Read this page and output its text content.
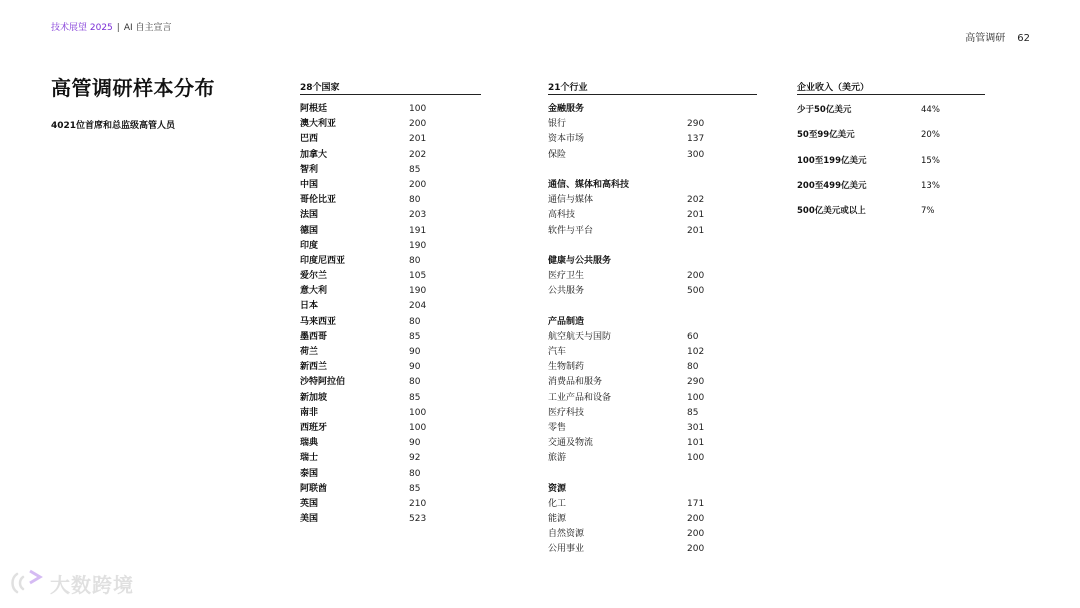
技术展望 2025 | AI 自主宣言
高管调研 62
高管调研样本分布
4021位首席和总监级高管人员
28个国家
阿根廷	100
澳大利亚	200
巴西	201
加拿大	202
智利	85
中国	200
哥伦比亚	80
法国	203
德国	191
印度	190
印度尼西亚	80
爱尔兰	105
意大利	190
日本	204
马来西亚	80
墨西哥	85
荷兰	90
新西兰	90
沙特阿拉伯	80
新加坡	85
南非	100
西班牙	100
瑞典	90
瑞士	92
泰国	80
阿联酋	85
英国	210
美国	523
21个行业
金融服务
银行	290
资本市场	137
保险	300
通信、媒体和高科技
通信与媒体	202
高科技	201
软件与平台	201
健康与公共服务
医疗卫生	200
公共服务	500
产品制造
航空航天与国防	60
汽车	102
生物制药	80
消费品和服务	290
工业产品和设备	100
医疗科技	85
零售	301
交通及物流	101
旅游	100
资源
化工	171
能源	200
自然资源	200
公用事业	200
企业收入（美元）
少于50亿美元	44%
50至99亿美元	20%
100至199亿美元	15%
200至499亿美元	13%
500亿美元或以上	7%
大数跨境
